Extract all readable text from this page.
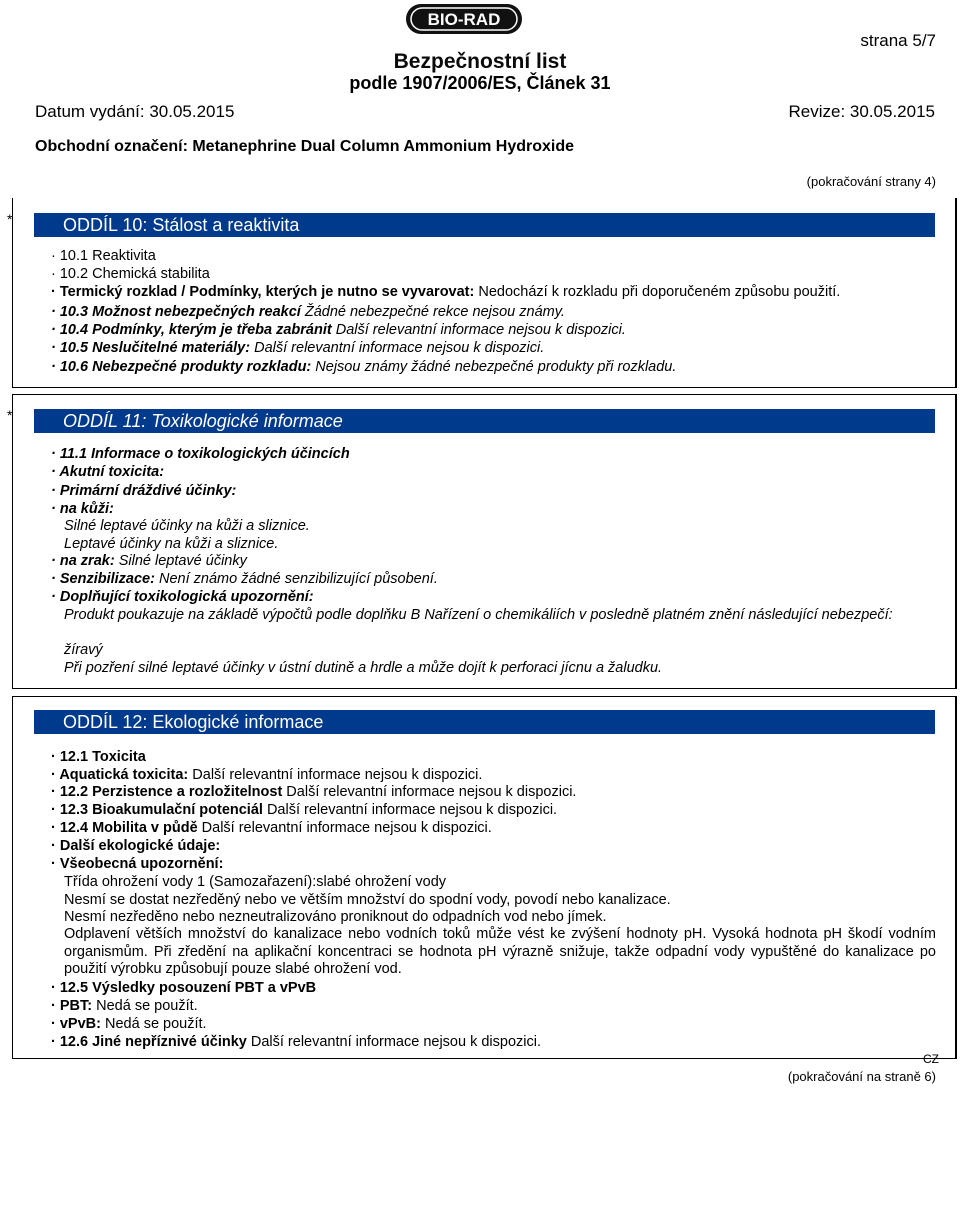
BIO-RAD
strana 5/7
Bezpečnostní list
podle 1907/2006/ES, Článek 31
Datum vydání: 30.05.2015	Revize: 30.05.2015
Obchodní označení: Metanephrine Dual Column Ammonium Hydroxide
(pokračování strany 4)
*	ODDÍL 10: Stálost a reaktivita
· 10.1 Reaktivita
· 10.2 Chemická stabilita
· Termický rozklad / Podmínky, kterých je nutno se vyvarovat: Nedochází k rozkladu při doporučeném způsobu použití.
· 10.3 Možnost nebezpečných reakcí Žádné nebezpečné rekce nejsou známy.
· 10.4 Podmínky, kterým je třeba zabránit Další relevantní informace nejsou k dispozici.
· 10.5 Neslučitelné materiály: Další relevantní informace nejsou k dispozici.
· 10.6 Nebezpečné produkty rozkladu: Nejsou známy žádné nebezpečné produkty při rozkladu.
*	ODDÍL 11: Toxikologické informace
· 11.1 Informace o toxikologických účincích
· Akutní toxicita:
· Primární dráždivé účinky:
· na kůži:
Silné leptavé účinky na kůži a sliznice.
Leptavé účinky na kůži a sliznice.
· na zrak: Silné leptavé účinky
· Senzibilizace: Není známo žádné senzibilizující působení.
· Doplňující toxikologická upozornění:
Produkt poukazuje na základě výpočtů podle doplňku B Nařízení o chemikáliích v posledně platném znění následující nebezpečí:
žíravý
Při pozření silné leptavé účinky v ústní dutině a hrdle a může dojít k perforaci jícnu a žaludku.
ODDÍL 12: Ekologické informace
· 12.1 Toxicita
· Aquatická toxicita: Další relevantní informace nejsou k dispozici.
· 12.2 Perzistence a rozložitelnost Další relevantní informace nejsou k dispozici.
· 12.3 Bioakumulační potenciál Další relevantní informace nejsou k dispozici.
· 12.4 Mobilita v půdě Další relevantní informace nejsou k dispozici.
· Další ekologické údaje:
· Všeobecná upozornění:
Třída ohrožení vody 1 (Samozařazení):slabé ohrožení vody
Nesmí se dostat nezředěný nebo ve větším množství do spodní vody, povodí nebo kanalizace.
Nesmí nezředěno nebo nezneutralizováno proniknout do odpadních vod nebo jímek.
Odplavení větších množství do kanalizace nebo vodních toků může vést ke zvýšení hodnoty pH. Vysoká hodnota pH škodí vodním organismům. Při zředění na aplikační koncentraci se hodnota pH výrazně snižuje, takže odpadní vody vypuštěné do kanalizace po použití výrobku způsobují pouze slabé ohrožení vod.
· 12.5 Výsledky posouzení PBT a vPvB
· PBT: Nedá se použít.
· vPvB: Nedá se použít.
· 12.6 Jiné nepříznivé účinky Další relevantní informace nejsou k dispozici.
CZ
(pokračování na straně 6)
